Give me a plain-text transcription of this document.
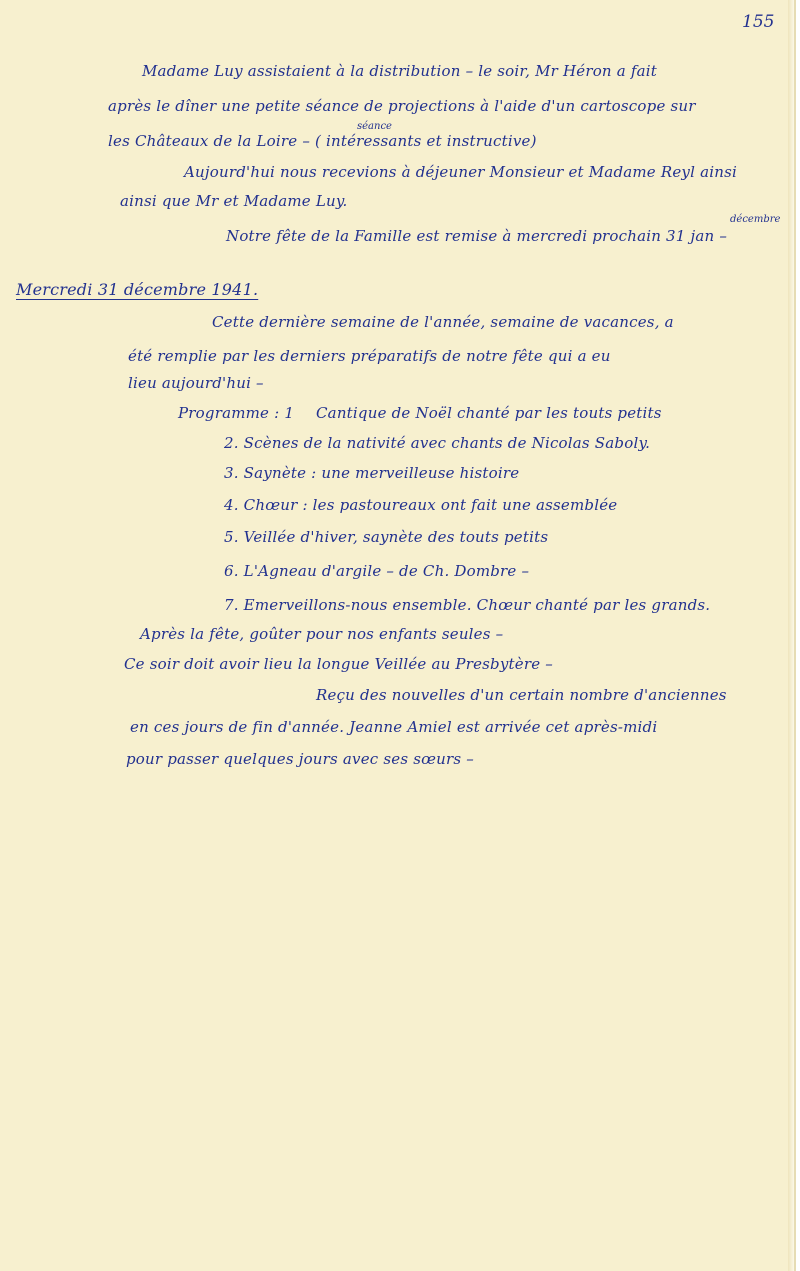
155
Madame Luy assistaient à la distribution – le soir, Mr Héron a fait
après le dîner une petite séance de projections à l'aide d'un cartoscope sur
séance
les Châteaux de la Loire – ( intéressants et instructive)
Aujourd'hui nous recevions à déjeuner Monsieur et Madame Reyl ainsi
ainsi que Mr et Madame Luy.
décembre
Notre fête de la Famille est remise à mercredi prochain 31 jan –
Mercredi 31 décembre 1941.
Cette dernière semaine de l'année, semaine de vacances, a
été remplie par les derniers préparatifs de notre fête qui a eu
lieu aujourd'hui –
Programme : 1 Cantique de Noël chanté par les touts petits
2. Scènes de la nativité avec chants de Nicolas Saboly.
3. Saynète : une merveilleuse histoire
4. Chœur : les pastoureaux ont fait une assemblée
5. Veillée d'hiver, saynète des touts petits
6. L'Agneau d'argile – de Ch. Dombre –
7. Emerveillons-nous ensemble. Chœur chanté par les grands.
Après la fête, goûter pour nos enfants seules –
Ce soir doit avoir lieu la longue Veillée au Presbytère –
Reçu des nouvelles d'un certain nombre d'anciennes
en ces jours de fin d'année. Jeanne Amiel est arrivée cet après-midi
pour passer quelques jours avec ses sœurs –
